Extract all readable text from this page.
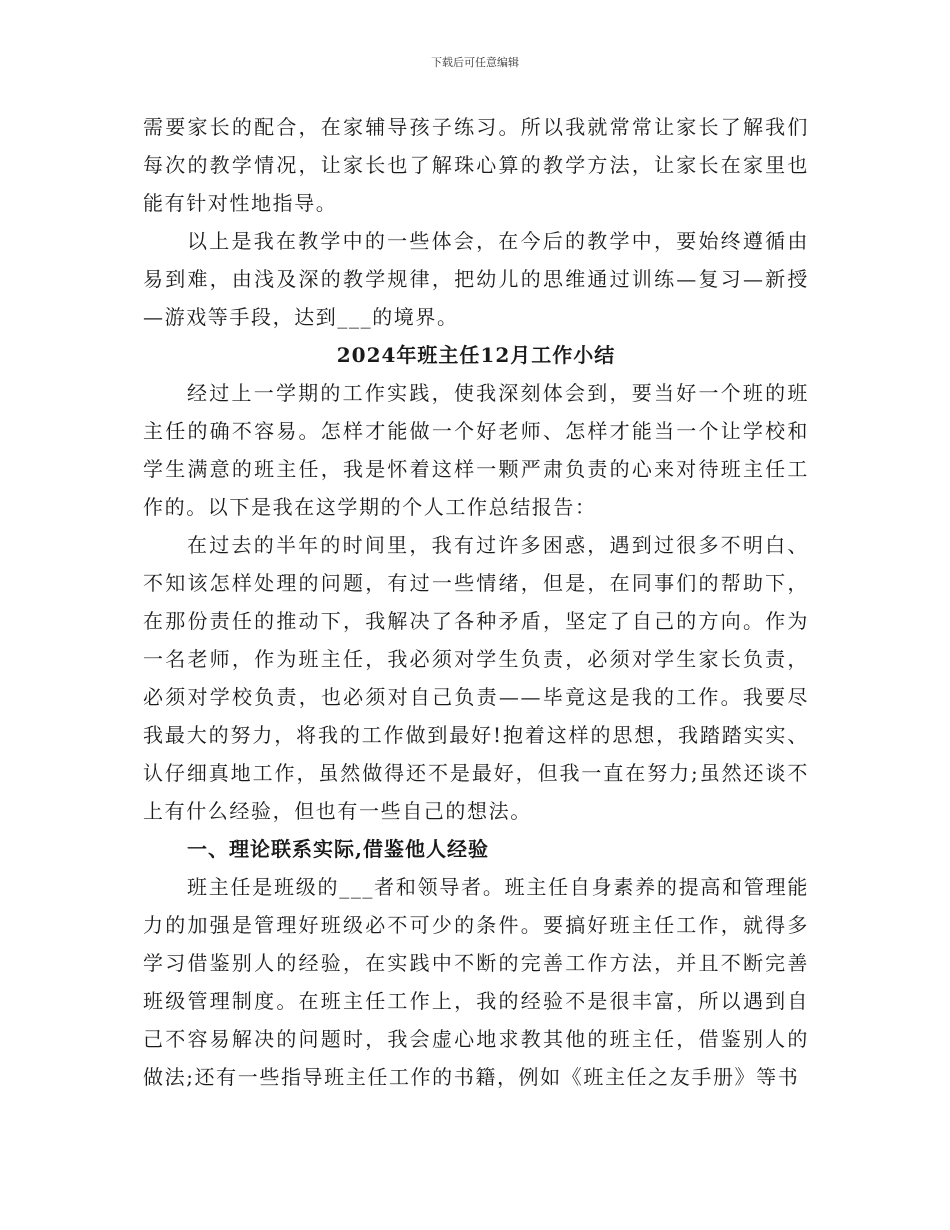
下载后可任意编辑

需要家长的配合，在家辅导孩子练习。所以我就常常让家长了解我们每次的教学情况，让家长也了解珠心算的教学方法，让家长在家里也能有针对性地指导。

以上是我在教学中的一些体会，在今后的教学中，要始终遵循由易到难，由浅及深的教学规律，把幼儿的思维通过训练—复习—新授—游戏等手段，达到___的境界。

2024年班主任12月工作小结

经过上一学期的工作实践，使我深刻体会到，要当好一个班的班主任的确不容易。怎样才能做一个好老师、怎样才能当一个让学校和学生满意的班主任，我是怀着这样一颗严肃负责的心来对待班主任工作的。以下是我在这学期的个人工作总结报告：

在过去的半年的时间里，我有过许多困惑，遇到过很多不明白、不知该怎样处理的问题，有过一些情绪，但是，在同事们的帮助下，在那份责任的推动下，我解决了各种矛盾，坚定了自己的方向。作为一名老师，作为班主任，我必须对学生负责，必须对学生家长负责，必须对学校负责，也必须对自己负责——毕竟这是我的工作。我要尽我最大的努力，将我的工作做到最好!抱着这样的思想，我踏踏实实、认仔细真地工作，虽然做得还不是最好，但我一直在努力;虽然还谈不上有什么经验，但也有一些自己的想法。

一、理论联系实际,借鉴他人经验

班主任是班级的___者和领导者。班主任自身素养的提高和管理能力的加强是管理好班级必不可少的条件。要搞好班主任工作，就得多学习借鉴别人的经验，在实践中不断的完善工作方法，并且不断完善班级管理制度。在班主任工作上，我的经验不是很丰富，所以遇到自己不容易解决的问题时，我会虚心地求教其他的班主任，借鉴别人的做法;还有一些指导班主任工作的书籍，例如《班主任之友手册》等书
